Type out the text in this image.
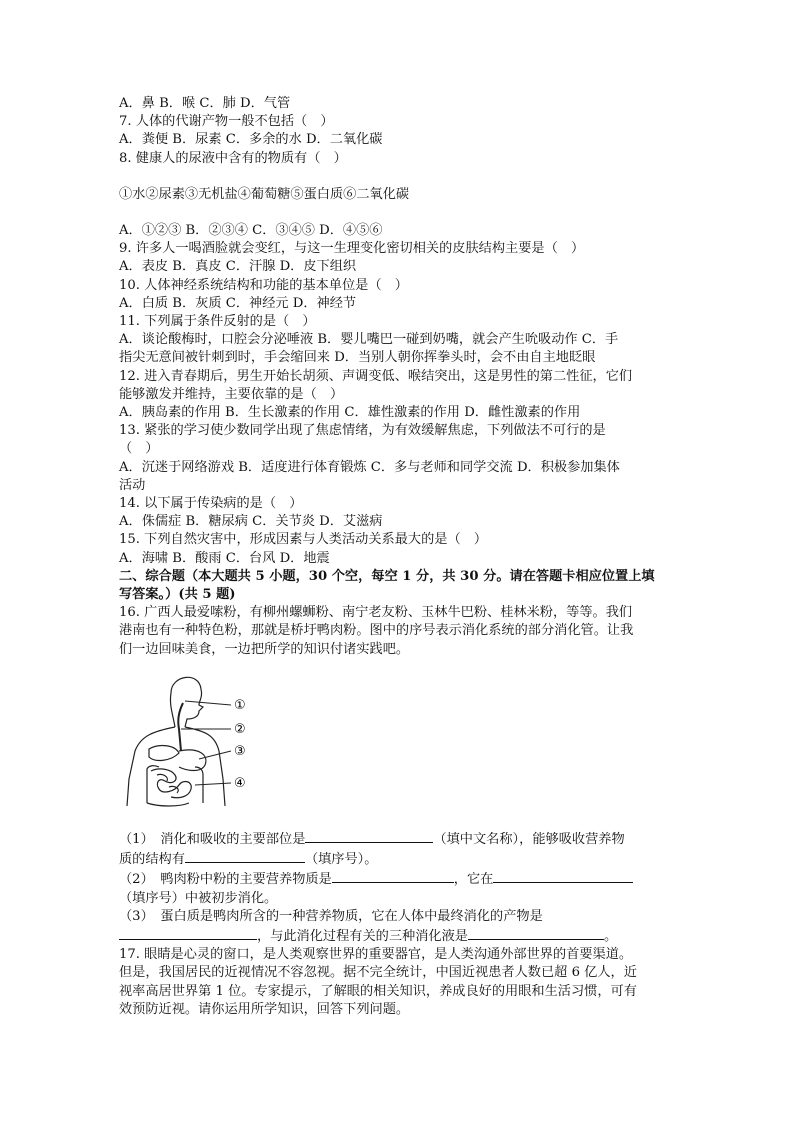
A．鼻 B．喉 C．肺 D．气管
7. 人体的代谢产物一般不包括（　）
A．粪便 B．尿素 C．多余的水 D．二氧化碳
8. 健康人的尿液中含有的物质有（　）
①水②尿素③无机盐④葡萄糖⑤蛋白质⑥二氧化碳
A．①②③ B．②③④ C．③④⑤ D．④⑤⑥
9. 许多人一喝酒脸就会变红，与这一生理变化密切相关的皮肤结构主要是（　）
A．表皮 B．真皮 C．汗腺 D．皮下组织
10. 人体神经系统结构和功能的基本单位是（　）
A．白质 B．灰质 C．神经元 D．神经节
11. 下列属于条件反射的是（　）
A．谈论酸梅时，口腔会分泌唾液 B．婴儿嘴巴一碰到奶嘴，就会产生吮吸动作 C．手
指尖无意间被针刺到时，手会缩回来 D．当别人朝你挥拳头时，会不由自主地眨眼
12. 进入青春期后，男生开始长胡须、声调变低、喉结突出，这是男性的第二性征，它们
能够激发并维持，主要依靠的是（　）
A．胰岛素的作用 B．生长激素的作用 C．雄性激素的作用 D．雌性激素的作用
13. 紧张的学习使少数同学出现了焦虑情绪，为有效缓解焦虑，下列做法不可行的是
（　）
A．沉迷于网络游戏 B．适度进行体育锻炼 C．多与老师和同学交流 D．积极参加集体
活动
14. 以下属于传染病的是（　）
A．侏儒症 B．糖尿病 C．关节炎 D．艾滋病
15. 下列自然灾害中，形成因素与人类活动关系最大的是（　）
A．海啸 B．酸雨 C．台风 D．地震
二、综合题（本大题共 5 小题，30 个空，每空 1 分，共 30 分。请在答题卡相应位置上填
写答案。）(共 5 题)
16. 广西人最爱嗦粉，有柳州螺蛳粉、南宁老友粉、玉林牛巴粉、桂林米粉，等等。我们
港南也有一种特色粉，那就是桥圩鸭肉粉。图中的序号表示消化系统的部分消化管。让我
们一边回味美食，一边把所学的知识付诸实践吧。
①
②
③
④
（1）　消化和吸收的主要部位是	（填中文名称），能够吸收营养物
质的结构有	（填序号）。
（2）　鸭肉粉中粉的主要营养物质是	，它在
（填序号）中被初步消化。
（3）　蛋白质是鸭肉所含的一种营养物质，它在人体中最终消化的产物是
，与此消化过程有关的三种消化液是	。
17. 眼睛是心灵的窗口，是人类观察世界的重要器官，是人类沟通外部世界的首要渠道。
但是，我国居民的近视情况不容忽视。据不完全统计，中国近视患者人数已超 6 亿人，近
视率高居世界第 1 位。专家提示，了解眼的相关知识，养成良好的用眼和生活习惯，可有
效预防近视。请你运用所学知识，回答下列问题。
